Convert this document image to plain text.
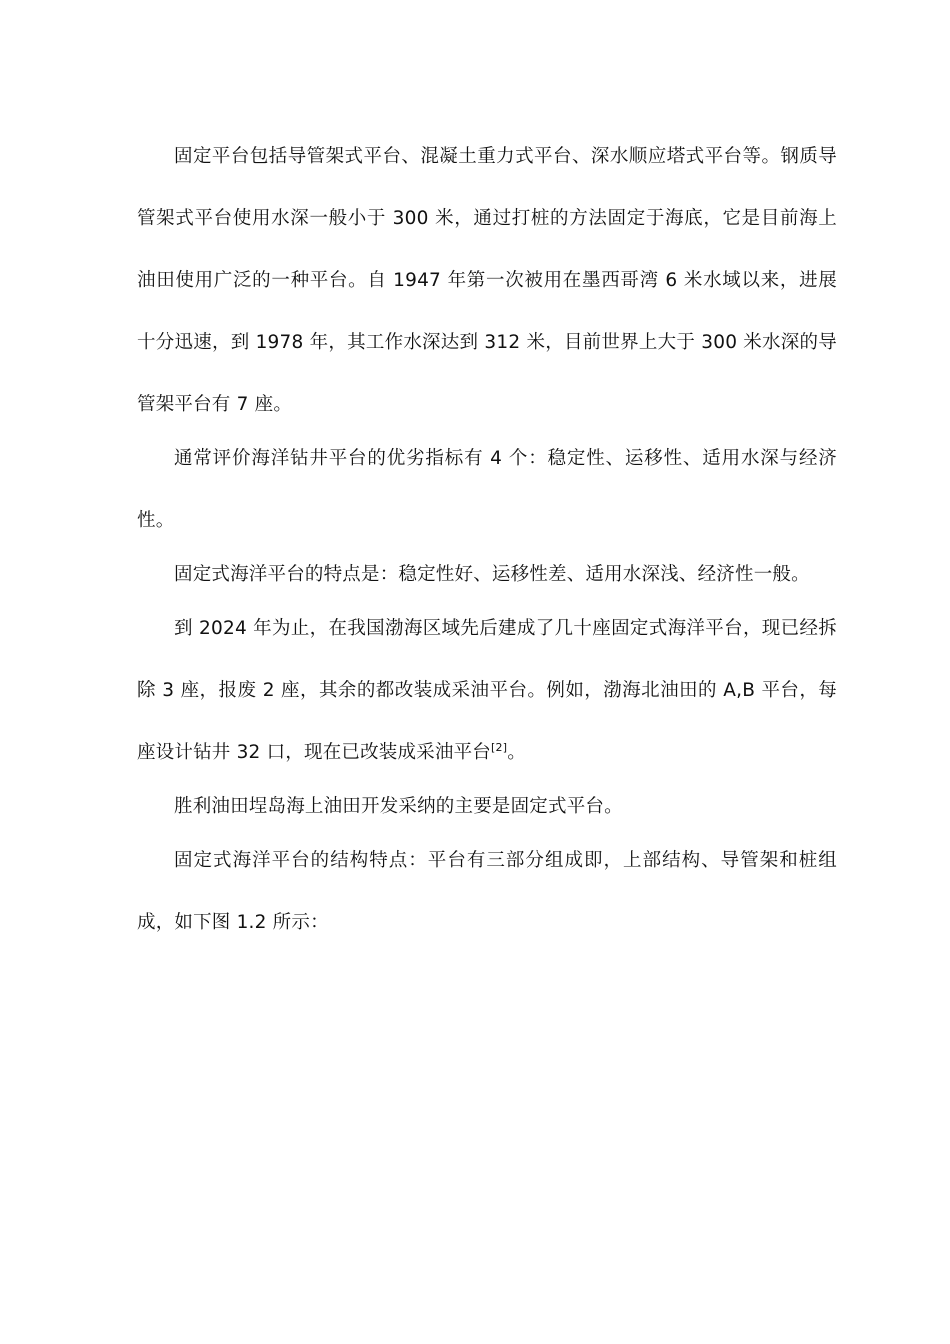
固定平台包括导管架式平台、混凝土重力式平台、深水顺应塔式平台等。钢质导管架式平台使用水深一般小于 300 米，通过打桩的方法固定于海底，它是目前海上油田使用广泛的一种平台。自 1947 年第一次被用在墨西哥湾 6 米水域以来，进展十分迅速，到 1978 年，其工作水深达到 312 米，目前世界上大于 300 米水深的导管架平台有 7 座。

通常评价海洋钻井平台的优劣指标有 4 个：稳定性、运移性、适用水深与经济性。

固定式海洋平台的特点是：稳定性好、运移性差、适用水深浅、经济性一般。

到 2024 年为止，在我国渤海区域先后建成了几十座固定式海洋平台，现已经拆除 3 座，报废 2 座，其余的都改装成采油平台。例如，渤海北油田的 A,B 平台，每座设计钻井 32 口，现在已改装成采油平台[2]。

胜利油田埕岛海上油田开发采纳的主要是固定式平台。

固定式海洋平台的结构特点：平台有三部分组成即，上部结构、导管架和桩组成，如下图 1.2 所示：
